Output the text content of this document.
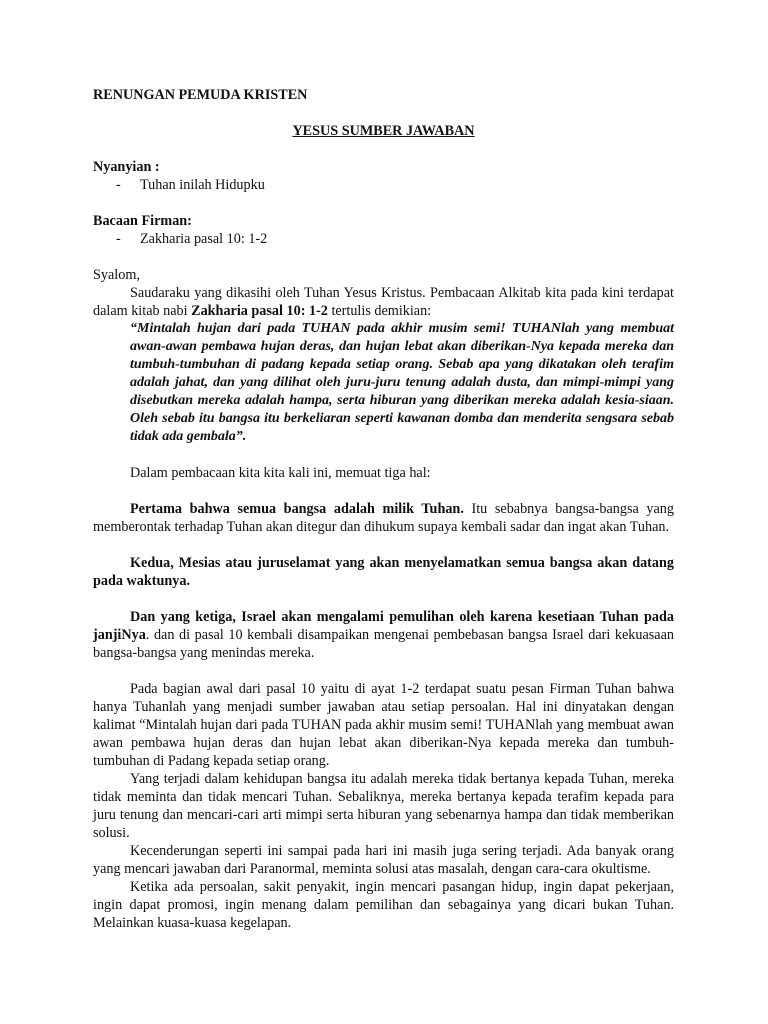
RENUNGAN PEMUDA KRISTEN

YESUS SUMBER JAWABAN

Nyanyian :

-	Tuhan inilah Hidupku

Bacaan Firman:

-	Zakharia pasal 10: 1-2

Syalom,

Saudaraku yang dikasihi oleh Tuhan Yesus Kristus. Pembacaan Alkitab kita pada kini terdapat dalam kitab nabi Zakharia pasal 10: 1-2 tertulis demikian:

“Mintalah hujan dari pada TUHAN pada akhir musim semi! TUHANlah yang membuat awan-awan pembawa hujan deras, dan hujan lebat akan diberikan-Nya kepada mereka dan tumbuh-tumbuhan di padang kepada setiap orang. Sebab apa yang dikatakan oleh terafim adalah jahat, dan yang dilihat oleh juru-juru tenung adalah dusta, dan mimpi-mimpi yang disebutkan mereka adalah hampa, serta hiburan yang diberikan mereka adalah kesia-siaan. Oleh sebab itu bangsa itu berkeliaran seperti kawanan domba dan menderita sengsara sebab tidak ada gembala”.

Dalam pembacaan kita kita kali ini, memuat tiga hal:

Pertama bahwa semua bangsa adalah milik Tuhan. Itu sebabnya bangsa-bangsa yang memberontak terhadap Tuhan akan ditegur dan dihukum supaya kembali sadar dan ingat akan Tuhan.

Kedua, Mesias atau juruselamat yang akan menyelamatkan semua bangsa akan datang pada waktunya.

Dan yang ketiga, Israel akan mengalami pemulihan oleh karena kesetiaan Tuhan pada janjiNya. dan di pasal 10 kembali disampaikan mengenai pembebasan bangsa Israel dari kekuasaan bangsa-bangsa yang menindas mereka.

Pada bagian awal dari pasal 10 yaitu di ayat 1-2 terdapat suatu pesan Firman Tuhan bahwa hanya Tuhanlah yang menjadi sumber jawaban atau setiap persoalan. Hal ini dinyatakan dengan kalimat “Mintalah hujan dari pada TUHAN pada akhir musim semi! TUHANlah yang membuat awan awan pembawa hujan deras dan hujan lebat akan diberikan-Nya kepada mereka dan tumbuh-tumbuhan di Padang kepada setiap orang.

Yang terjadi dalam kehidupan bangsa itu adalah mereka tidak bertanya kepada Tuhan, mereka tidak meminta dan tidak mencari Tuhan. Sebaliknya, mereka bertanya kepada terafim kepada para juru tenung dan mencari-cari arti mimpi serta hiburan yang sebenarnya hampa dan tidak memberikan solusi.

Kecenderungan seperti ini sampai pada hari ini masih juga sering terjadi. Ada banyak orang yang mencari jawaban dari Paranormal, meminta solusi atas masalah, dengan cara-cara okultisme.

Ketika ada persoalan, sakit penyakit, ingin mencari pasangan hidup, ingin dapat pekerjaan, ingin dapat promosi, ingin menang dalam pemilihan dan sebagainya yang dicari bukan Tuhan. Melainkan kuasa-kuasa kegelapan.
